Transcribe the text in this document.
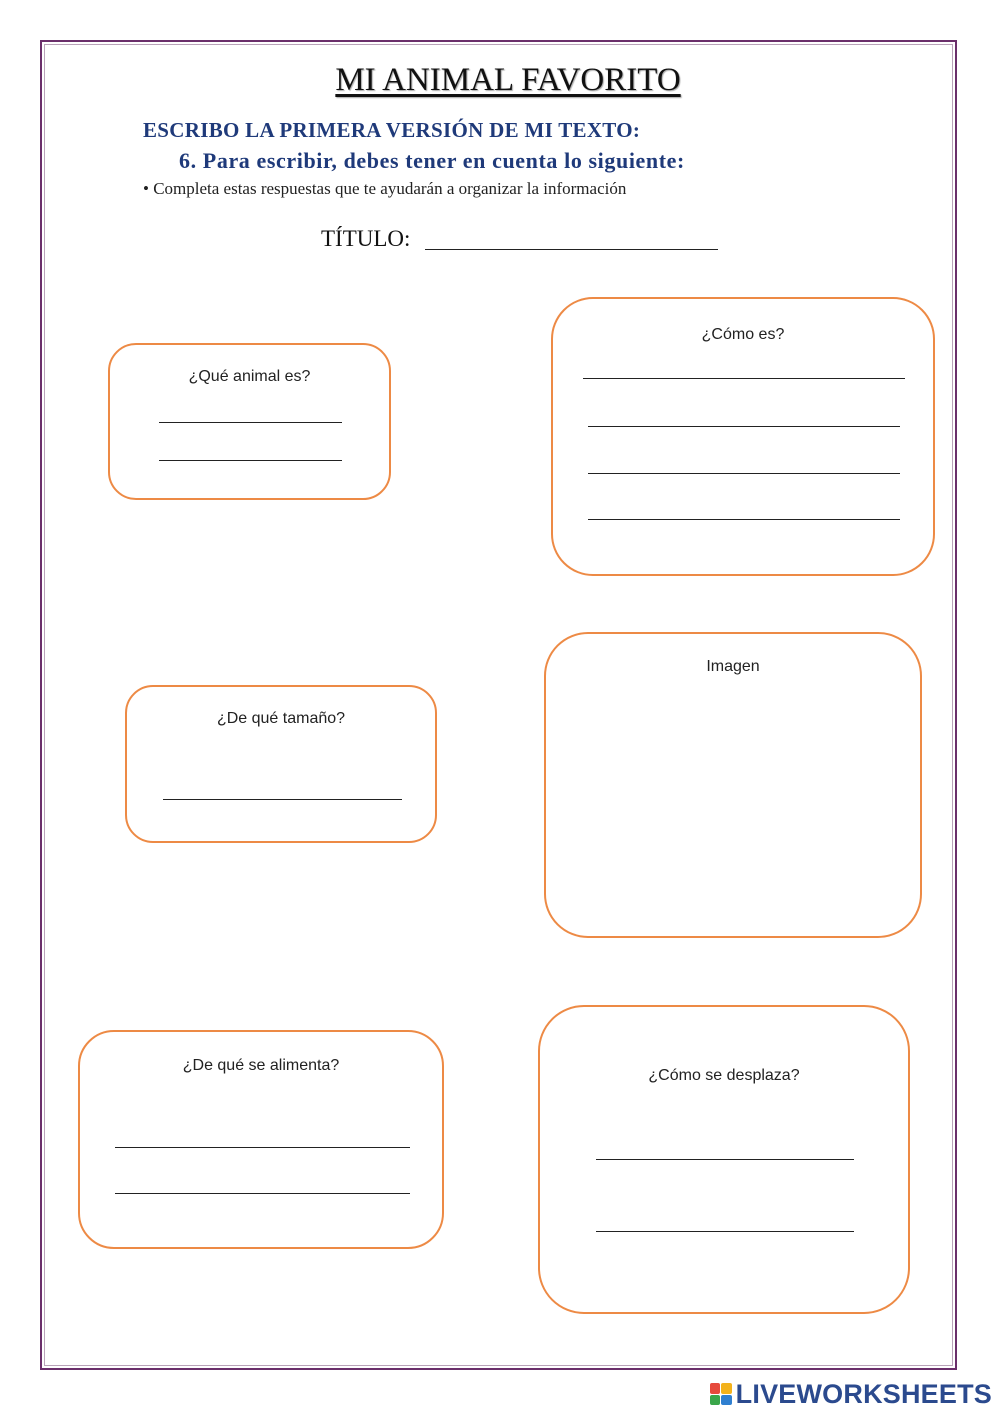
MI ANIMAL FAVORITO
ESCRIBO LA PRIMERA VERSIÓN DE MI TEXTO:
6. Para escribir, debes tener en cuenta lo siguiente:
• Completa estas respuestas que te ayudarán a organizar la información
TÍTULO:
¿Qué animal es?
¿Cómo es?
¿De qué tamaño?
Imagen
¿De qué se alimenta?
¿Cómo se desplaza?
LIVEWORKSHEETS
